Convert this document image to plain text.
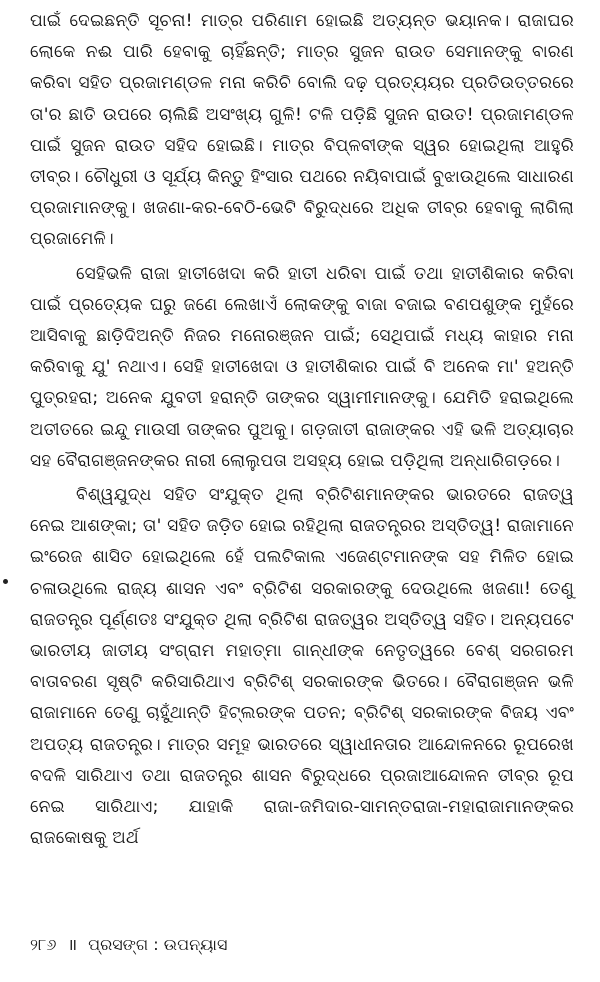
ପାଇଁ ଦେଇଛନ୍ତି ସୂଚନା! ମାତ୍ର ପରିଣାମ ହୋଇଛି ଅତ୍ୟନ୍ତ ଭୟାନକ। ରାଜାଘର ଲୋକେ ନଈ ପାରି ହେବାକୁ ଚାହିଁଛନ୍ତି; ମାତ୍ର ସୁଜନ ରାଉତ ସେମାନଙ୍କୁ ବାରଣ କରିବା ସହିତ ପ୍ରଜାମଣ୍ଡଳ ମନା କରିଚି ବୋଲି ଦଢ଼ ପ୍ରତ୍ୟୟର ପ୍ରତିଉତ୍ତରରେ ତା'ର ଛାତି ଉପରେ ଚାଲିଛି ଅସଂଖ୍ୟ ଗୁଳି! ଟଳି ପଡ଼ିଛି ସୁଜନ ରାଉତ! ପ୍ରଜାମଣ୍ଡଳ ପାଇଁ ସୁଜନ ରାଉତ ସହିଦ ହୋଇଛି। ମାତ୍ର ବିପ୍ଳବୀଙ୍କ ସ୍ୱର ହୋଇଥିଲା ଆହୁରି ତୀବ୍ର। ଚୌଧୁରୀ ଓ ସୂର୍ଯ୍ୟ କିନ୍ତୁ ହିଂସାର ପଥରେ ନୟିବାପାଇଁ ବୁଝାଉଥିଲେ ସାଧାରଣ ପ୍ରଜାମାନଙ୍କୁ। ଖଜଣା-କର-ବେଠି-ଭେଟି ବିରୁଦ୍ଧରେ ଅଧିକ ତୀବ୍ର ହେବାକୁ ଲାଗିଲା ପ୍ରଜାମେଳି।

ସେହିଭଳି ରାଜା ହାତୀଖେଦା କରି ହାତୀ ଧରିବା ପାଇଁ ତଥା ହାତୀଶିକାର କରିବା ପାଇଁ ପ୍ରତ୍ୟେକ ଘରୁ ଜଣେ ଲେଖାଏଁ ଲୋକଙ୍କୁ ବାଜା ବଜାଇ ବଣପଶୁଙ୍କ ମୁହଁରେ ଆସିବାକୁ ଛାଡ଼ିଦିଅନ୍ତି ନିଜର ମନୋରଞ୍ଜନ ପାଇଁ; ସେଥିପାଇଁ ମଧ୍ୟ କାହାର ମନା କରିବାକୁ ଯୁ' ନଥାଏ। ସେହି ହାତୀଖେଦା ଓ ହାତୀଶିକାର ପାଇଁ ବି ଅନେକ ମା' ହଅନ୍ତି ପୁତ୍ରହରା; ଅନେକ ଯୁବତୀ ହରାନ୍ତି ତାଙ୍କର ସ୍ୱାମୀମାନଙ୍କୁ। ଯେମିତି ହରାଇଥିଲେ ଅତୀତରେ ଇନ୍ଦୁ ମାଉସୀ ତାଙ୍କର ପୁଅକୁ। ଗଡ଼ଜାତୀ ରାଜାଙ୍କର ଏହି ଭଳି ଅତ୍ୟାଚାର ସହ ବୈରାଗଞ୍ଜନଙ୍କର ନାରୀ ଲୋଲୁପତା ଅସହ୍ୟ ହୋଇ ପଡ଼ିଥିଲା ଅନ୍ଧାରିଗଡ଼ରେ।

ବିଶ୍ୱଯୁଦ୍ଧ ସହିତ ସଂଯୁକ୍ତ ଥିଲା ବ୍ରିଟିଶମାନଙ୍କର ଭାରତରେ ରାଜତ୍ୱ ନେଇ ଆଶଙ୍କା; ତା' ସହିତ ଜଡ଼ିତ ହୋଇ ରହିଥିଲା ରାଜତନ୍ତ୍ରର ଅସ୍ତିତ୍ୱ! ରାଜାମାନେ ଇଂରେଜ ଶାସିତ ହୋଇଥିଲେ ହେଁ ପଲଟିକାଲ ଏଜେଣ୍ଟମାନଙ୍କ ସହ ମିଳିତ ହୋଇ ଚଳାଉଥିଲେ ରାଜ୍ୟ ଶାସନ ଏବଂ ବ୍ରିଟିଶ ସରକାରଙ୍କୁ ଦେଉଥିଲେ ଖଜଣା! ତେଣୁ ରାଜତନ୍ତ୍ର ପୂର୍ଣ୍ଣତଃ ସଂଯୁକ୍ତ ଥିଲା ବ୍ରିଟିଶ ରାଜତ୍ୱର ଅସ୍ତିତ୍ୱ ସହିତ। ଅନ୍ୟପଟେ ଭାରତୀୟ ଜାତୀୟ ସଂଗ୍ରାମ ମହାତ୍ମା ଗାନ୍ଧୀଙ୍କ ନେତୃତ୍ୱରେ ବେଶ୍ ସରଗରମ ବାତାବରଣ ସୃଷ୍ଟି କରିସାରିଥାଏ ବ୍ରିଟିଶ୍ ସରକାରଙ୍କ ଭିତରେ। ବୈରାଗଞ୍ଜନ ଭଳି ରାଜାମାନେ ତେଣୁ ଚାହୁଁଥାନ୍ତି ହିଟ୍‌ଲରଙ୍କ ପତନ; ବ୍ରିଟିଶ୍ ସରକାରଙ୍କ ବିଜୟ ଏବଂ ଅପତ୍ୟ ରାଜତନ୍ତ୍ର। ମାତ୍ର ସମୂହ ଭାରତରେ ସ୍ୱାଧୀନତାର ଆନ୍ଦୋଳନରେ ରୂପରେଖ ବଦଳି ସାରିଥାଏ ତଥା ରାଜତନ୍ତ୍ର ଶାସନ ବିରୁଦ୍ଧରେ ପ୍ରଜାଆନ୍ଦୋଳନ ତୀବ୍ର ରୂପ ନେଇ ସାରିଥାଏ; ଯାହାକି ରାଜା-ଜମିଦାର-ସାମନ୍ତରାଜା-ମହାରାଜାମାନଙ୍କର ରାଜକୋଷକୁ ଅର୍ଥ

୨୮୬ ॥ ପ୍ରସଙ୍ଗ : ଉପନ୍ୟାସ
